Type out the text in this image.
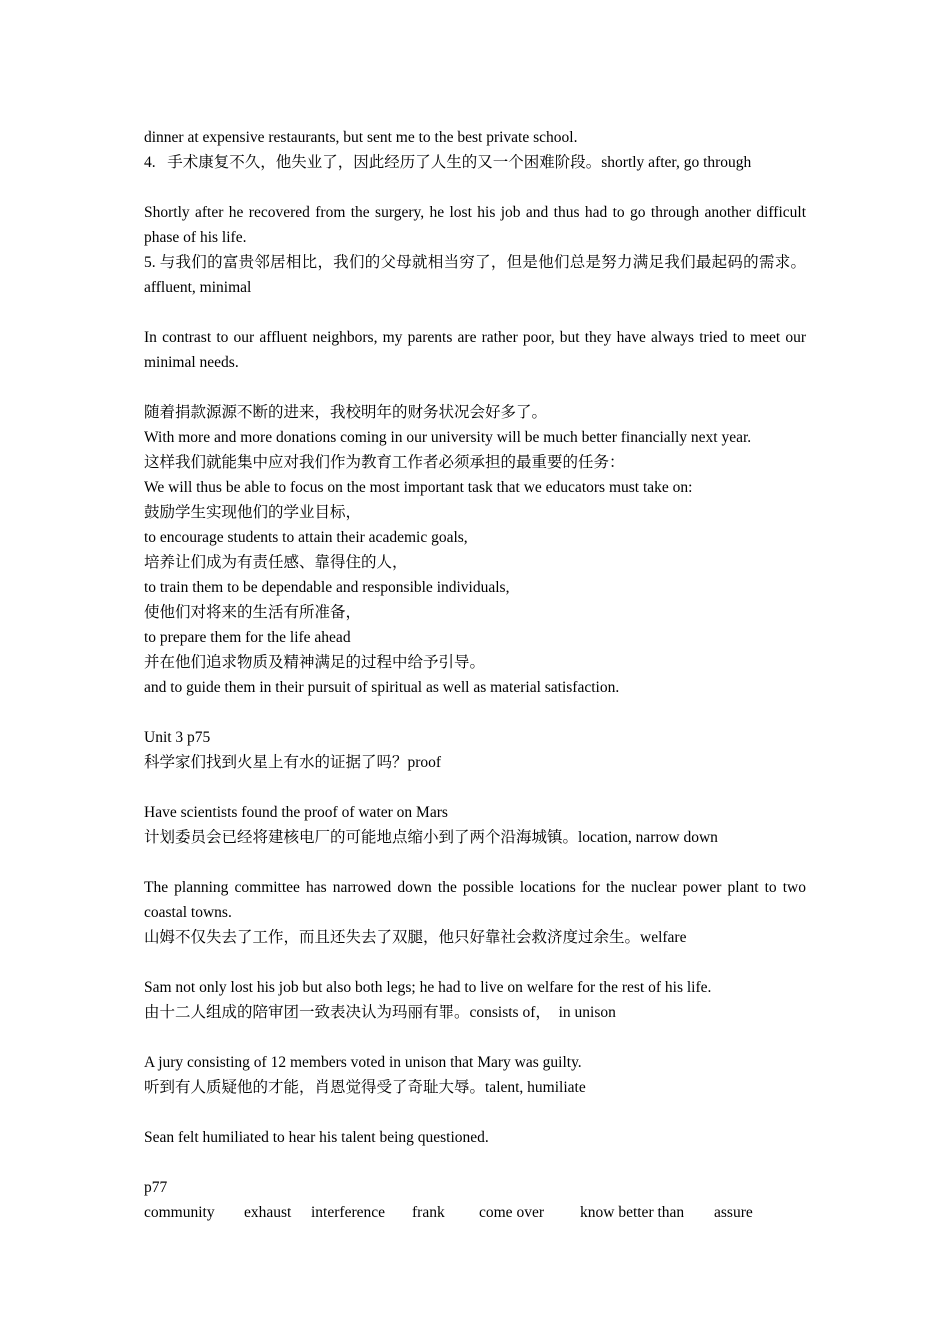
dinner at expensive restaurants, but sent me to the best private school.
4.   手术康复不久，他失业了，因此经历了人生的又一个困难阶段。shortly after, go through
Shortly after he recovered from the surgery, he lost his job and thus had to go through another difficult phase of his life.
5. 与我们的富贵邻居相比，我们的父母就相当穷了，但是他们总是努力满足我们最起码的需求。affluent, minimal
In contrast to our affluent neighbors, my parents are rather poor, but they have always tried to meet our minimal needs.
随着捐款源源不断的进来，我校明年的财务状况会好多了。
With more and more donations coming in our university will be much better financially next year.
这样我们就能集中应对我们作为教育工作者必须承担的最重要的任务：
We will thus be able to focus on the most important task that we educators must take on:
鼓励学生实现他们的学业目标，
to encourage students to attain their academic goals,
培养让们成为有责任感、靠得住的人，
to train them to be dependable and responsible individuals,
使他们对将来的生活有所准备，
to prepare them for the life ahead
并在他们追求物质及精神满足的过程中给予引导。
and to guide them in their pursuit of spiritual as well as material satisfaction.
Unit 3 p75
科学家们找到火星上有水的证据了吗？proof
Have scientists found the proof of water on Mars
计划委员会已经将建核电厂的可能地点缩小到了两个沿海城镇。location, narrow down
The planning committee has narrowed down the possible locations for the nuclear power plant to two coastal towns.
山姆不仅失去了工作，而且还失去了双腿，他只好靠社会救济度过余生。welfare
Sam not only lost his job but also both legs; he had to live on welfare for the rest of his life.
由十二人组成的陪审团一致表决认为玛丽有罪。consists of，  in unison
A jury consisting of 12 members voted in unison that Mary was guilty.
听到有人质疑他的才能，肖恩觉得受了奇耻大辱。talent, humiliate
Sean felt humiliated to hear his talent being questioned.
p77
community	exhaust	interference	frank	come over	know better than	assure
